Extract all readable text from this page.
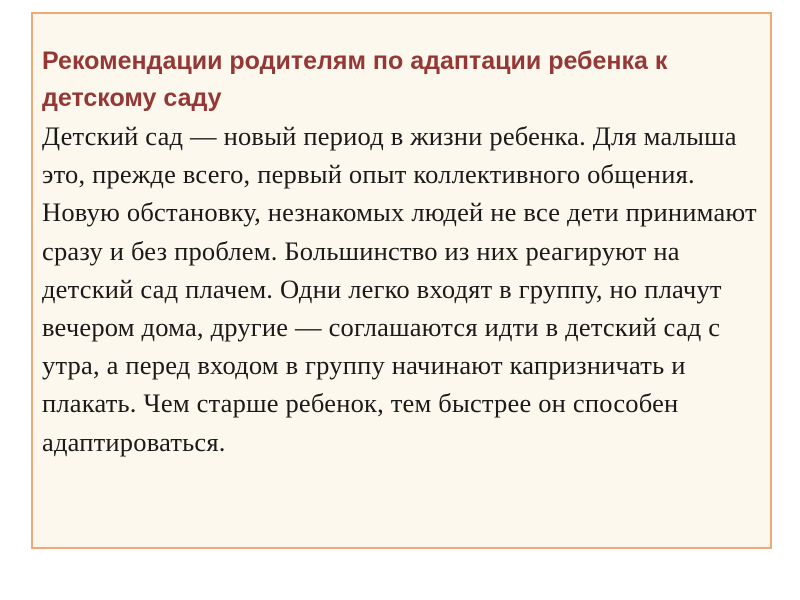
Рекомендации родителям по адаптации ребенка к детскому саду

Детский сад — новый период в жизни ребенка. Для малыша это, прежде всего, первый опыт коллективного общения. Новую обстановку, незнакомых людей не все дети принимают сразу и без проблем. Большинство из них реагируют на детский сад плачем. Одни легко входят в группу, но плачут вечером дома, другие — соглашаются идти в детский сад с утра, а перед входом в группу начинают капризничать и плакать. Чем старше ребенок, тем быстрее он способен адаптироваться.
